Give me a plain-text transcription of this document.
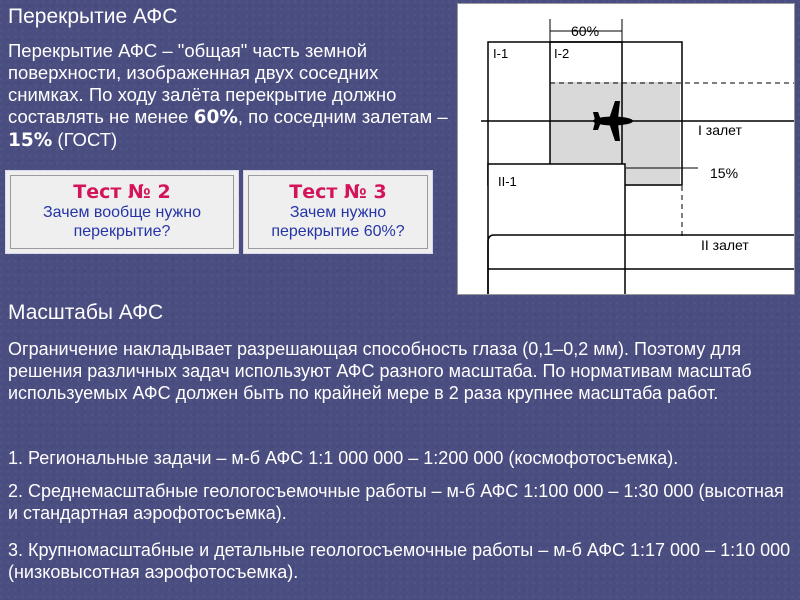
Перекрытие АФС
Перекрытие АФС – "общая" часть земной поверхности, изображенная двух соседних снимках. По ходу залёта перекрытие должно составлять не менее 60%, по соседним залетам – 15% (ГОСТ)
Тест № 2
Зачем вообще нужно перекрытие?
Тест № 3
Зачем нужно перекрытие 60%?
60%
I-1	I-2
II-1
I залет
15%
II залет
Масштабы АФС
Ограничение накладывает разрешающая способность глаза (0,1–0,2 мм). Поэтому для решения различных задач используют АФС разного масштаба. По нормативам масштаб используемых АФС должен быть по крайней мере в 2 раза крупнее масштаба работ.
1. Региональные задачи – м-б АФС 1:1 000 000 – 1:200 000 (космофотосъемка).
2. Среднемасштабные геологосъемочные работы – м-б АФС 1:100 000 – 1:30 000 (высотная и стандартная аэрофотосъемка).
3. Крупномасштабные и детальные геологосъемочные работы – м-б АФС 1:17 000 – 1:10 000 (низковысотная аэрофотосъемка).
